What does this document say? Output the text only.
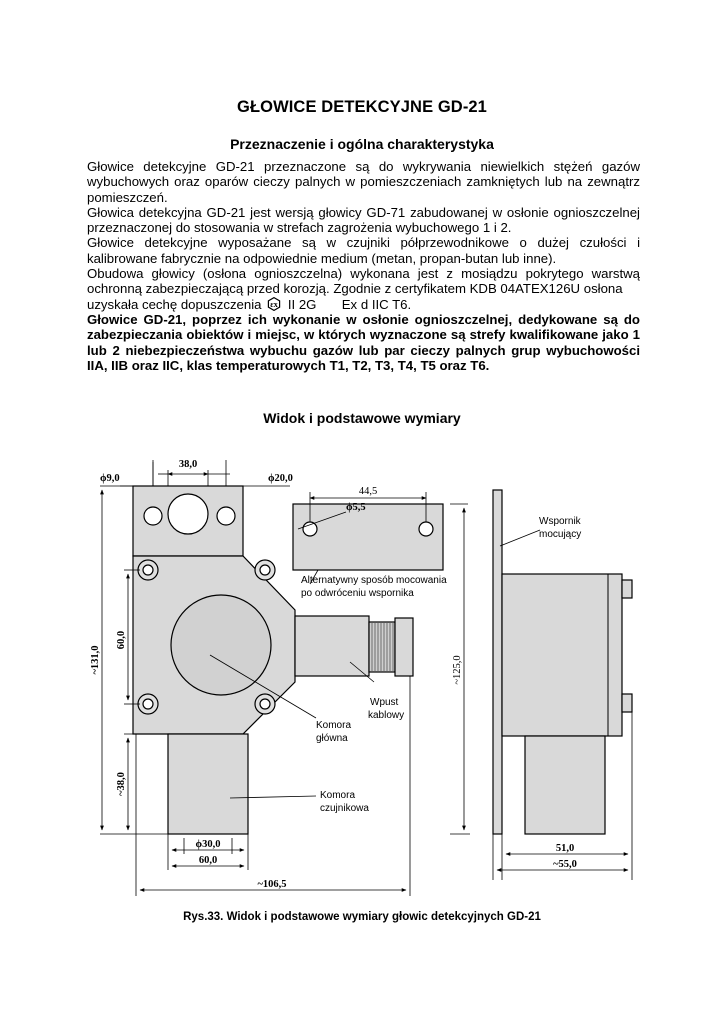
GŁOWICE DETEKCYJNE GD-21
Przeznaczenie i ogólna charakterystyka

Głowice detekcyjne GD-21 przeznaczone są do wykrywania niewielkich stężeń gazów wybuchowych oraz oparów cieczy palnych w pomieszczeniach zamkniętych lub na zewnątrz pomieszczeń.

Głowica detekcyjna GD-21 jest wersją głowicy GD-71 zabudowanej w osłonie ognioszczelnej przeznaczonej do stosowania w strefach zagrożenia wybuchowego 1 i 2.

Głowice detekcyjne wyposażane są w czujniki półprzewodnikowe o dużej czułości i kalibrowane fabrycznie na odpowiednie medium (metan, propan-butan lub inne).

Obudowa głowicy (osłona ognioszczelna) wykonana jest z mosiądzu pokrytego warstwą ochronną zabezpieczającą przed korozją. Zgodnie z certyfikatem KDB 04ATEX126U osłona

uzyskała cechę dopuszczenia εx II 2G Ex d IIC T6.

Głowice GD-21, poprzez ich wykonanie w osłonie ognioszczelnej, dedykowane są do zabezpieczania obiektów i miejsc, w których wyznaczone są strefy kwalifikowane jako 1 lub 2 niebezpieczeństwa wybuchu gazów lub par cieczy palnych grup wybuchowości IIA, IIB oraz IIC, klas temperaturowych T1, T2, T3, T4, T5 oraz T6.

Widok i podstawowe wymiary
38,0
ϕ9,0	ϕ20,0
44,5
ϕ5,5
~131,0
60,0
~38,0
~125,0
ϕ30,0
60,0
~106,5
51,0
~55,0
Alternatywny sposób mocowania
po odwróceniu wspornika
Wspornik
mocujący
Wpust
kablowy
Komora
główna
Komora
czujnikowa

Rys.33. Widok i podstawowe wymiary głowic detekcyjnych GD-21
